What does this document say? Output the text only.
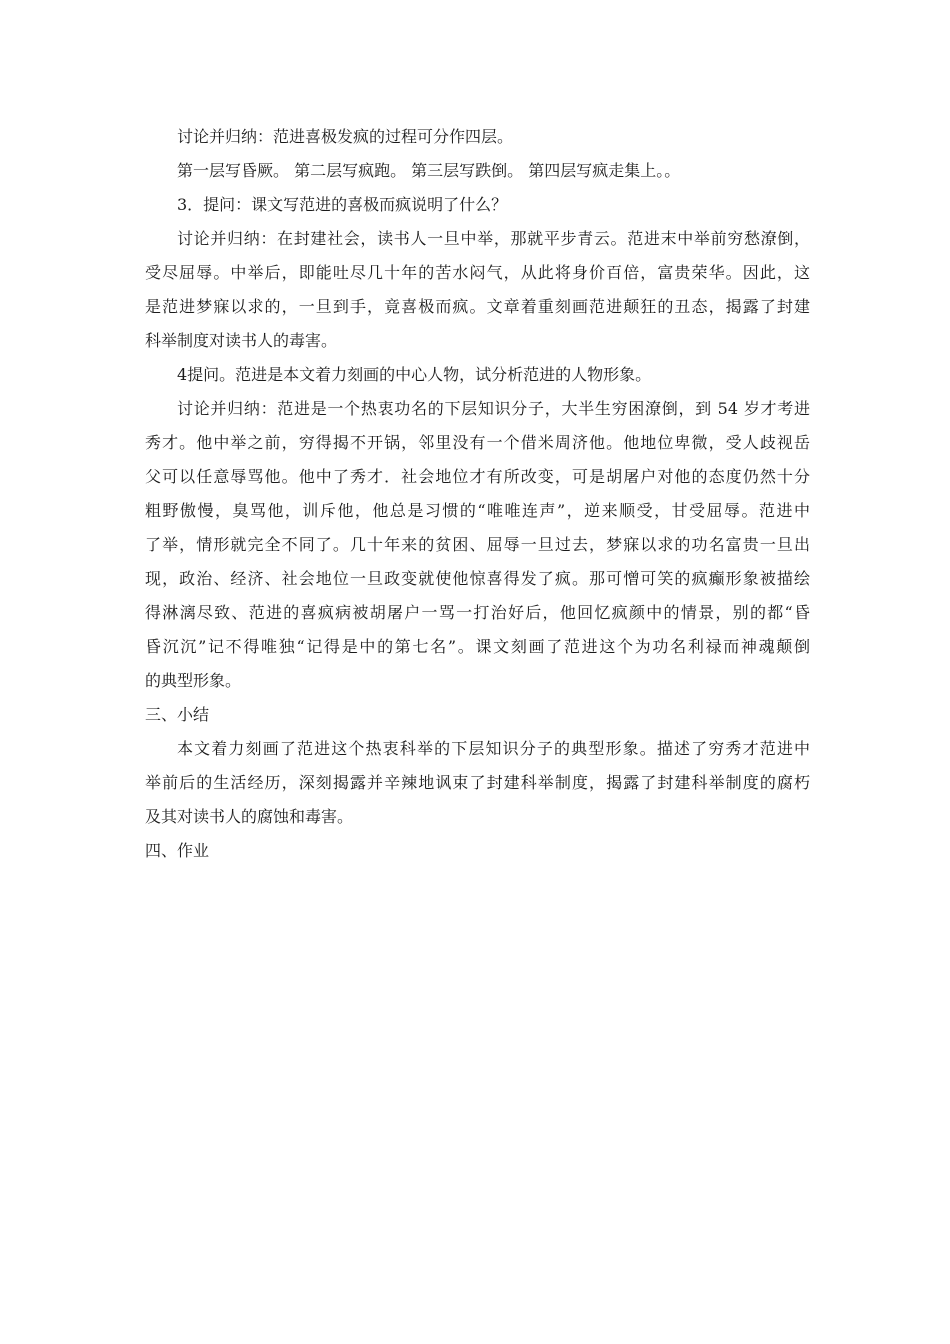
讨论并归纳：范进喜极发疯的过程可分作四层。
第一层写昏厥。 第二层写疯跑。 第三层写跌倒。 第四层写疯走集上。。
3．提问：课文写范进的喜极而疯说明了什么？
讨论并归纳：在封建社会，读书人一旦中举，那就平步青云。范进末中举前穷愁潦倒，
受尽屈辱。中举后，即能吐尽几十年的苦水闷气，从此将身价百倍，富贵荣华。因此，这
是范进梦寐以求的，一旦到手，竟喜极而疯。文章着重刻画范进颠狂的丑态，揭露了封建
科举制度对读书人的毒害。
4提问。范进是本文着力刻画的中心人物，试分析范进的人物形象。
讨论并归纳：范进是一个热衷功名的下层知识分子，大半生穷困潦倒，到 54 岁才考进
秀才。他中举之前，穷得揭不开锅，邻里没有一个借米周济他。他地位卑微，受人歧视岳
父可以任意辱骂他。他中了秀才．社会地位才有所改变，可是胡屠户对他的态度仍然十分
粗野傲慢，臭骂他，训斥他，他总是习惯的“唯唯连声”，逆来顺受，甘受屈辱。范进中
了举，情形就完全不同了。几十年来的贫困、屈辱一旦过去，梦寐以求的功名富贵一旦出
现，政治、经济、社会地位一旦政变就使他惊喜得发了疯。那可憎可笑的疯癫形象被描绘
得淋漓尽致、范进的喜疯病被胡屠户一骂一打治好后，他回忆疯颜中的情景，别的都“昏
昏沉沉”记不得唯独“记得是中的第七名”。课文刻画了范进这个为功名利禄而神魂颠倒
的典型形象。
三、小结
本文着力刻画了范进这个热衷科举的下层知识分子的典型形象。描述了穷秀才范进中
举前后的生活经历，深刻揭露并辛辣地讽束了封建科举制度，揭露了封建科举制度的腐朽
及其对读书人的腐蚀和毒害。
四、作业
